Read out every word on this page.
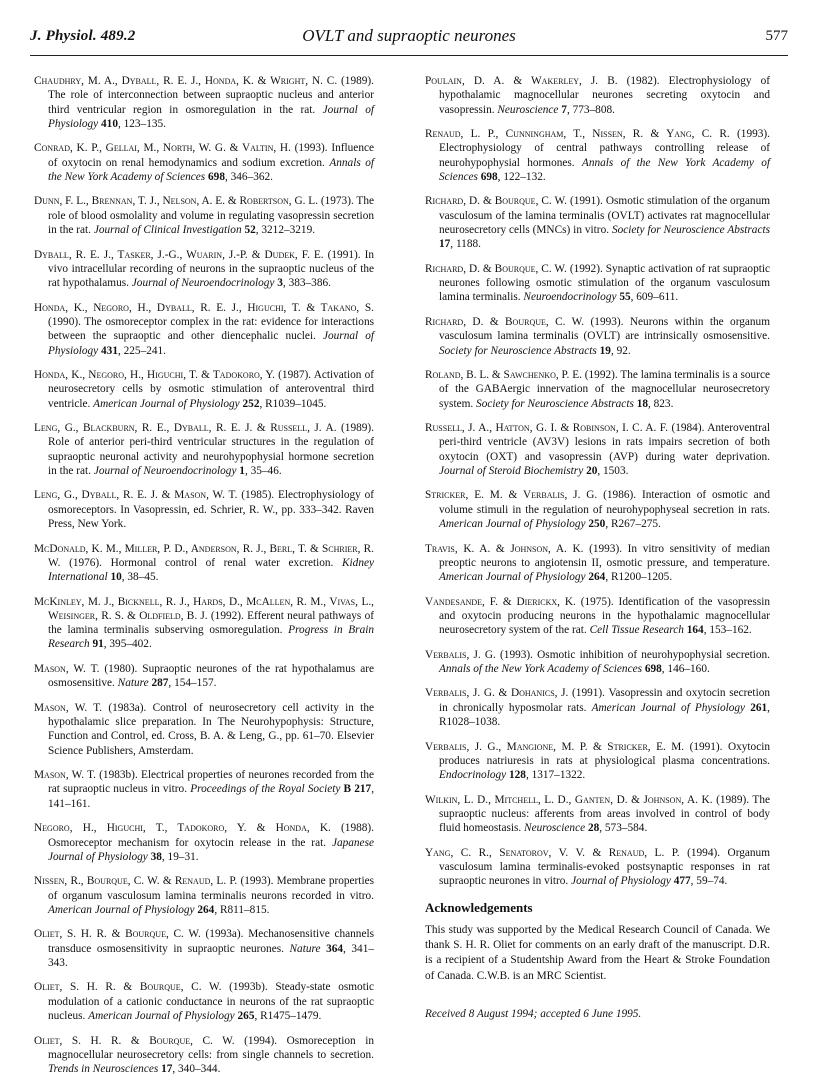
J. Physiol. 489.2	OVLT and supraoptic neurones	577

Chaudhry, M. A., Dyball, R. E. J., Honda, K. & Wright, N. C. (1989). The role of interconnection between supraoptic nucleus and anterior third ventricular region in osmoregulation in the rat. Journal of Physiology 410, 123–135.

Conrad, K. P., Gellai, M., North, W. G. & Valtin, H. (1993). Influence of oxytocin on renal hemodynamics and sodium excretion. Annals of the New York Academy of Sciences 698, 346–362.

Dunn, F. L., Brennan, T. J., Nelson, A. E. & Robertson, G. L. (1973). The role of blood osmolality and volume in regulating vasopressin secretion in the rat. Journal of Clinical Investigation 52, 3212–3219.

Dyball, R. E. J., Tasker, J.-G., Wuarin, J.-P. & Dudek, F. E. (1991). In vivo intracellular recording of neurons in the supraoptic nucleus of the rat hypothalamus. Journal of Neuroendocrinology 3, 383–386.

Honda, K., Negoro, H., Dyball, R. E. J., Higuchi, T. & Takano, S. (1990). The osmoreceptor complex in the rat: evidence for interactions between the supraoptic and other diencephalic nuclei. Journal of Physiology 431, 225–241.

Honda, K., Negoro, H., Higuchi, T. & Tadokoro, Y. (1987). Activation of neurosecretory cells by osmotic stimulation of anteroventral third ventricle. American Journal of Physiology 252, R1039–1045.

Leng, G., Blackburn, R. E., Dyball, R. E. J. & Russell, J. A. (1989). Role of anterior peri-third ventricular structures in the regulation of supraoptic neuronal activity and neurohypophysial hormone secretion in the rat. Journal of Neuroendocrinology 1, 35–46.

Leng, G., Dyball, R. E. J. & Mason, W. T. (1985). Electrophysiology of osmoreceptors. In Vasopressin, ed. Schrier, R. W., pp. 333–342. Raven Press, New York.

McDonald, K. M., Miller, P. D., Anderson, R. J., Berl, T. & Schrier, R. W. (1976). Hormonal control of renal water excretion. Kidney International 10, 38–45.

McKinley, M. J., Bicknell, R. J., Hards, D., McAllen, R. M., Vivas, L., Weisinger, R. S. & Oldfield, B. J. (1992). Efferent neural pathways of the lamina terminalis subserving osmoregulation. Progress in Brain Research 91, 395–402.

Mason, W. T. (1980). Supraoptic neurones of the rat hypothalamus are osmosensitive. Nature 287, 154–157.

Mason, W. T. (1983a). Control of neurosecretory cell activity in the hypothalamic slice preparation. In The Neurohypophysis: Structure, Function and Control, ed. Cross, B. A. & Leng, G., pp. 61–70. Elsevier Science Publishers, Amsterdam.

Mason, W. T. (1983b). Electrical properties of neurones recorded from the rat supraoptic nucleus in vitro. Proceedings of the Royal Society B 217, 141–161.

Negoro, H., Higuchi, T., Tadokoro, Y. & Honda, K. (1988). Osmoreceptor mechanism for oxytocin release in the rat. Japanese Journal of Physiology 38, 19–31.

Nissen, R., Bourque, C. W. & Renaud, L. P. (1993). Membrane properties of organum vasculosum lamina terminalis neurons recorded in vitro. American Journal of Physiology 264, R811–815.

Oliet, S. H. R. & Bourque, C. W. (1993a). Mechanosensitive channels transduce osmosensitivity in supraoptic neurones. Nature 364, 341–343.

Oliet, S. H. R. & Bourque, C. W. (1993b). Steady-state osmotic modulation of a cationic conductance in neurons of the rat supraoptic nucleus. American Journal of Physiology 265, R1475–1479.

Oliet, S. H. R. & Bourque, C. W. (1994). Osmoreception in magnocellular neurosecretory cells: from single channels to secretion. Trends in Neurosciences 17, 340–344.

Poulain, D. A. & Wakerley, J. B. (1982). Electrophysiology of hypothalamic magnocellular neurones secreting oxytocin and vasopressin. Neuroscience 7, 773–808.

Renaud, L. P., Cunningham, T., Nissen, R. & Yang, C. R. (1993). Electrophysiology of central pathways controlling release of neurohypophysial hormones. Annals of the New York Academy of Sciences 698, 122–132.

Richard, D. & Bourque, C. W. (1991). Osmotic stimulation of the organum vasculosum of the lamina terminalis (OVLT) activates rat magnocellular neurosecretory cells (MNCs) in vitro. Society for Neuroscience Abstracts 17, 1188.

Richard, D. & Bourque, C. W. (1992). Synaptic activation of rat supraoptic neurones following osmotic stimulation of the organum vasculosum lamina terminalis. Neuroendocrinology 55, 609–611.

Richard, D. & Bourque, C. W. (1993). Neurons within the organum vasculosum lamina terminalis (OVLT) are intrinsically osmosensitive. Society for Neuroscience Abstracts 19, 92.

Roland, B. L. & Sawchenko, P. E. (1992). The lamina terminalis is a source of the GABAergic innervation of the magnocellular neurosecretory system. Society for Neuroscience Abstracts 18, 823.

Russell, J. A., Hatton, G. I. & Robinson, I. C. A. F. (1984). Anteroventral peri-third ventricle (AV3V) lesions in rats impairs secretion of both oxytocin (OXT) and vasopressin (AVP) during water deprivation. Journal of Steroid Biochemistry 20, 1503.

Stricker, E. M. & Verbalis, J. G. (1986). Interaction of osmotic and volume stimuli in the regulation of neurohypophyseal secretion in rats. American Journal of Physiology 250, R267–275.

Travis, K. A. & Johnson, A. K. (1993). In vitro sensitivity of median preoptic neurons to angiotensin II, osmotic pressure, and temperature. American Journal of Physiology 264, R1200–1205.

Vandesande, F. & Dierickx, K. (1975). Identification of the vasopressin and oxytocin producing neurons in the hypothalamic magnocellular neurosecretory system of the rat. Cell Tissue Research 164, 153–162.

Verbalis, J. G. (1993). Osmotic inhibition of neurohypophysial secretion. Annals of the New York Academy of Sciences 698, 146–160.

Verbalis, J. G. & Dohanics, J. (1991). Vasopressin and oxytocin secretion in chronically hyposmolar rats. American Journal of Physiology 261, R1028–1038.

Verbalis, J. G., Mangione, M. P. & Stricker, E. M. (1991). Oxytocin produces natriuresis in rats at physiological plasma concentrations. Endocrinology 128, 1317–1322.

Wilkin, L. D., Mitchell, L. D., Ganten, D. & Johnson, A. K. (1989). The supraoptic nucleus: afferents from areas involved in control of body fluid homeostasis. Neuroscience 28, 573–584.

Yang, C. R., Senatorov, V. V. & Renaud, L. P. (1994). Organum vasculosum lamina terminalis-evoked postsynaptic responses in rat supraoptic neurones in vitro. Journal of Physiology 477, 59–74.

Acknowledgements

This study was supported by the Medical Research Council of Canada. We thank S. H. R. Oliet for comments on an early draft of the manuscript. D.R. is a recipient of a Studentship Award from the Heart & Stroke Foundation of Canada. C.W.B. is an MRC Scientist.

Received 8 August 1994; accepted 6 June 1995.
